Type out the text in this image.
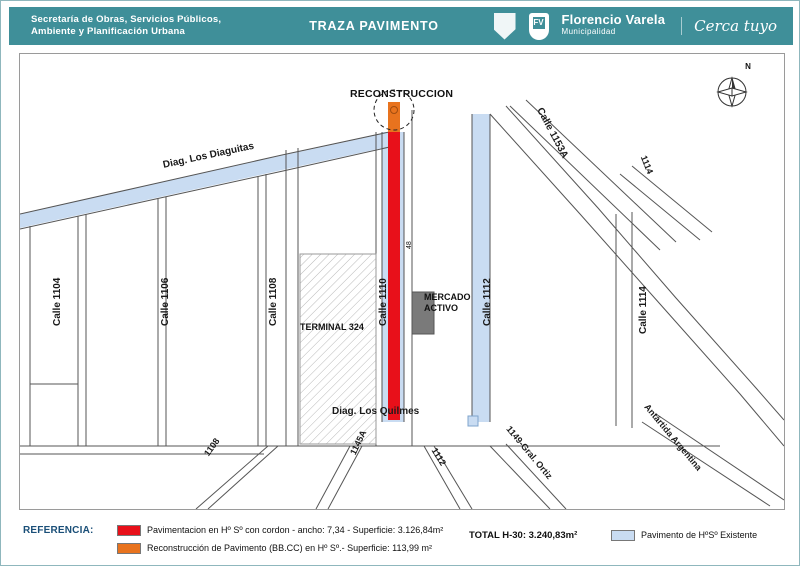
Secretaría de Obras, Servicios Públicos,
Ambiente y Planificación Urbana	TRAZA PAVIMENTO	FV Florencio Varela
Municipalidad	Cerca tuyo
N
RECONSTRUCCION
TERMINAL 324
MERCADO
ACTIVO
48
Diag. Los Diaguitas
Calle 1104	Calle 1106	Calle 1108	Calle 1110	Calle 1112
Calle 1153A
1114
Calle 1114
Diag. Los Quilmes
1108	1145A
1112	1149-Gral. Ortiz	Antártida Argentina
REFERENCIA:	Pavimentacion en Hº Sº con cordon - ancho: 7,34 - Superficie: 3.126,84m²
Reconstrucción de Pavimento (BB.CC) en Hº Sº.- Superficie: 113,99 m²
TOTAL H-30: 3.240,83m²	Pavimento de HºSº Existente
